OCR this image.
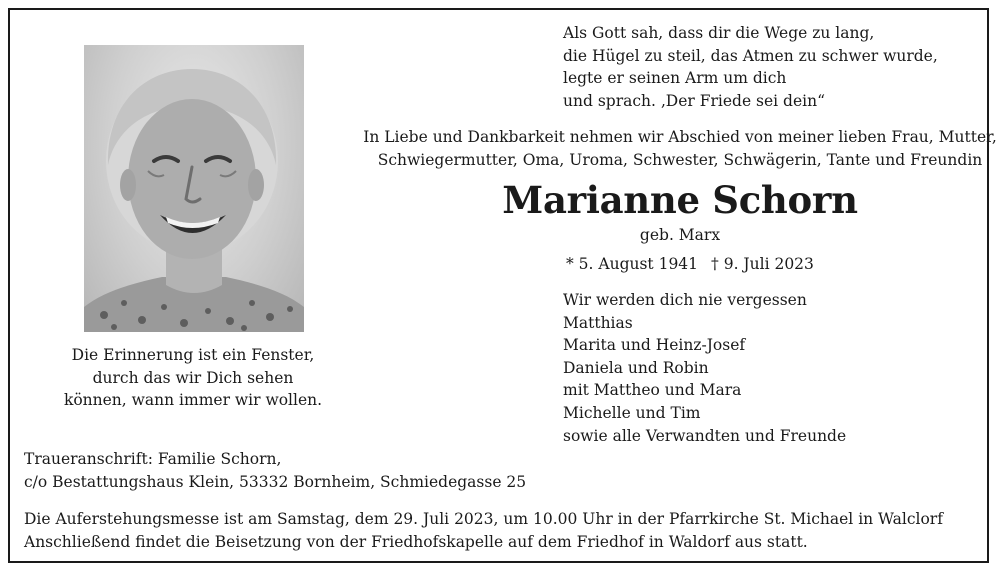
Als Gott sah, dass dir die Wege zu lang,
die Hügel zu steil, das Atmen zu schwer wurde,
legte er seinen Arm um dich
und sprach. ‚Der Friede sei dein“
In Liebe und Dankbarkeit nehmen wir Abschied von meiner lieben Frau, Mutter,
Schwiegermutter, Oma, Uroma, Schwester, Schwägerin, Tante und Freundin
Marianne Schorn
geb. Marx
* 5. August 1941 † 9. Juli 2023
Die Erinnerung ist ein Fenster,
durch das wir Dich sehen
können, wann immer wir wollen.
Wir werden dich nie vergessen
Matthias
Marita und Heinz-Josef
Daniela und Robin
mit Mattheo und Mara
Michelle und Tim
sowie alle Verwandten und Freunde
Traueranschrift: Familie Schorn,
c/o Bestattungshaus Klein, 53332 Bornheim, Schmiedegasse 25
Die Auferstehungsmesse ist am Samstag, dem 29. Juli 2023, um 10.00 Uhr in der Pfarrkirche St. Michael in Walclorf
Anschließend findet die Beisetzung von der Friedhofskapelle auf dem Friedhof in Waldorf aus statt.
